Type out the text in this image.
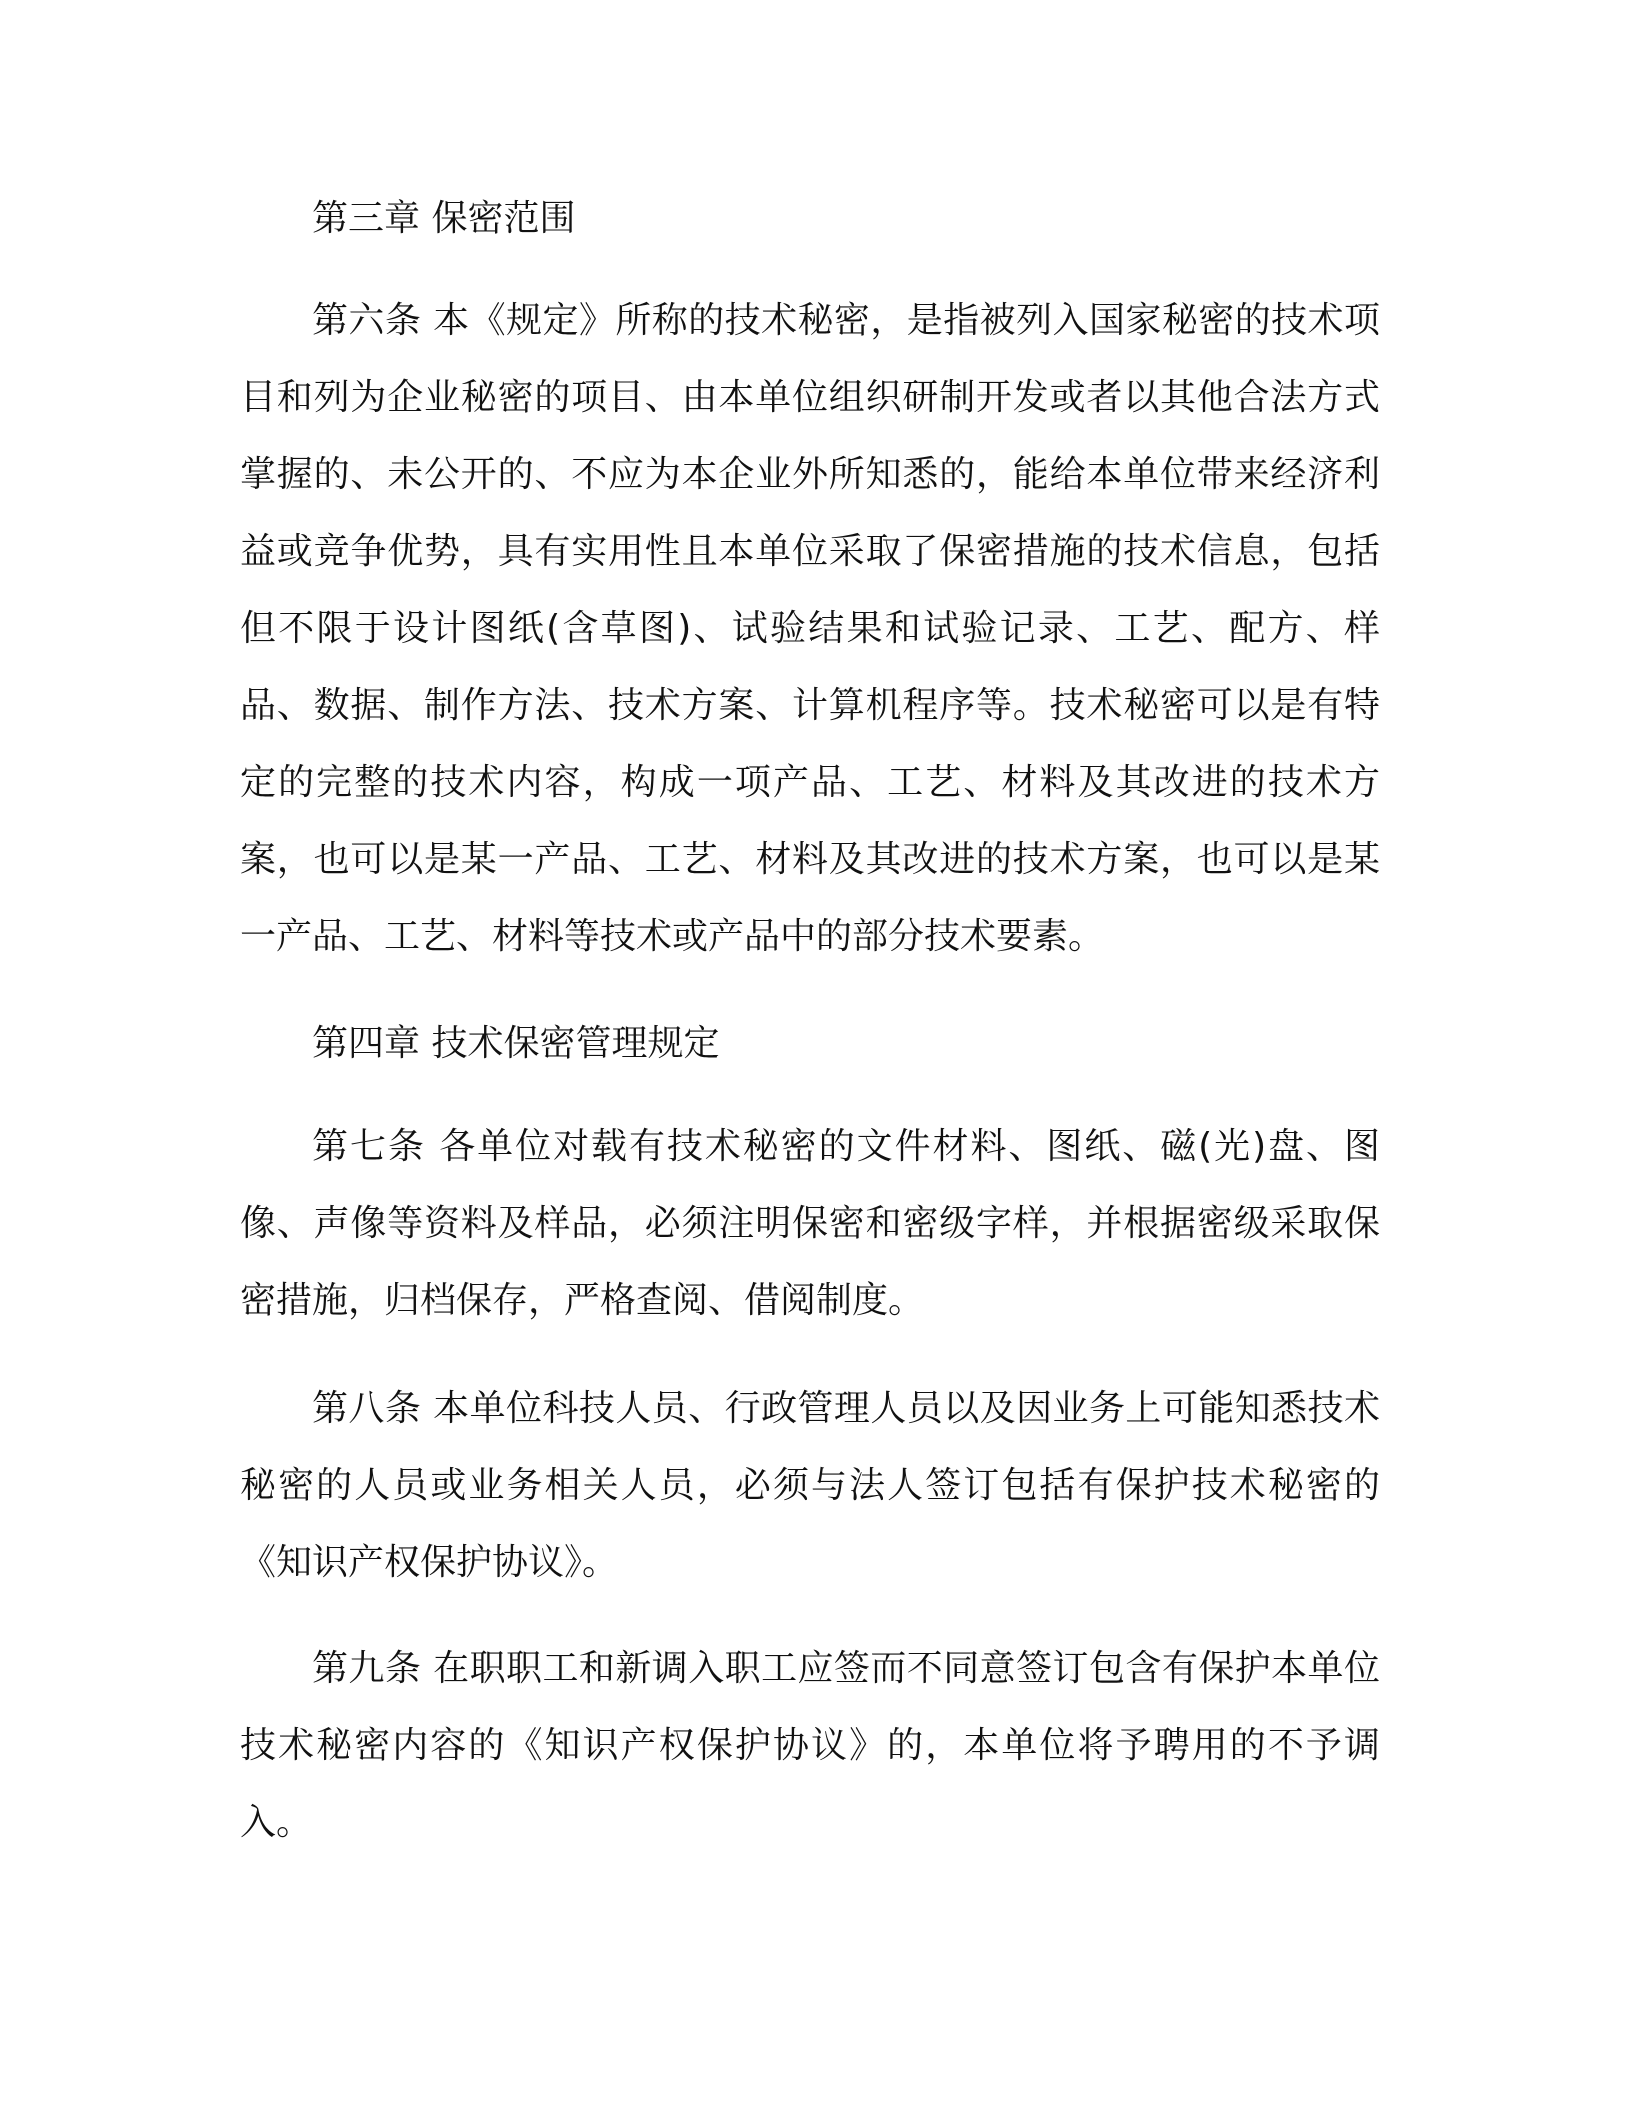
第三章 保密范围

第六条 本《规定》所称的技术秘密，是指被列入国家秘密的技术项目和列为企业秘密的项目、由本单位组织研制开发或者以其他合法方式掌握的、未公开的、不应为本企业外所知悉的，能给本单位带来经济利益或竞争优势，具有实用性且本单位采取了保密措施的技术信息，包括但不限于设计图纸(含草图)、试验结果和试验记录、工艺、配方、样品、数据、制作方法、技术方案、计算机程序等。技术秘密可以是有特定的完整的技术内容，构成一项产品、工艺、材料及其改进的技术方案，也可以是某一产品、工艺、材料及其改进的技术方案，也可以是某一产品、工艺、材料等技术或产品中的部分技术要素。

第四章 技术保密管理规定

第七条 各单位对载有技术秘密的文件材料、图纸、磁(光)盘、图像、声像等资料及样品，必须注明保密和密级字样，并根据密级采取保密措施，归档保存，严格查阅、借阅制度。

第八条 本单位科技人员、行政管理人员以及因业务上可能知悉技术秘密的人员或业务相关人员，必须与法人签订包括有保护技术秘密的《知识产权保护协议》。

第九条 在职职工和新调入职工应签而不同意签订包含有保护本单位技术秘密内容的《知识产权保护协议》的，本单位将予聘用的不予调入。
